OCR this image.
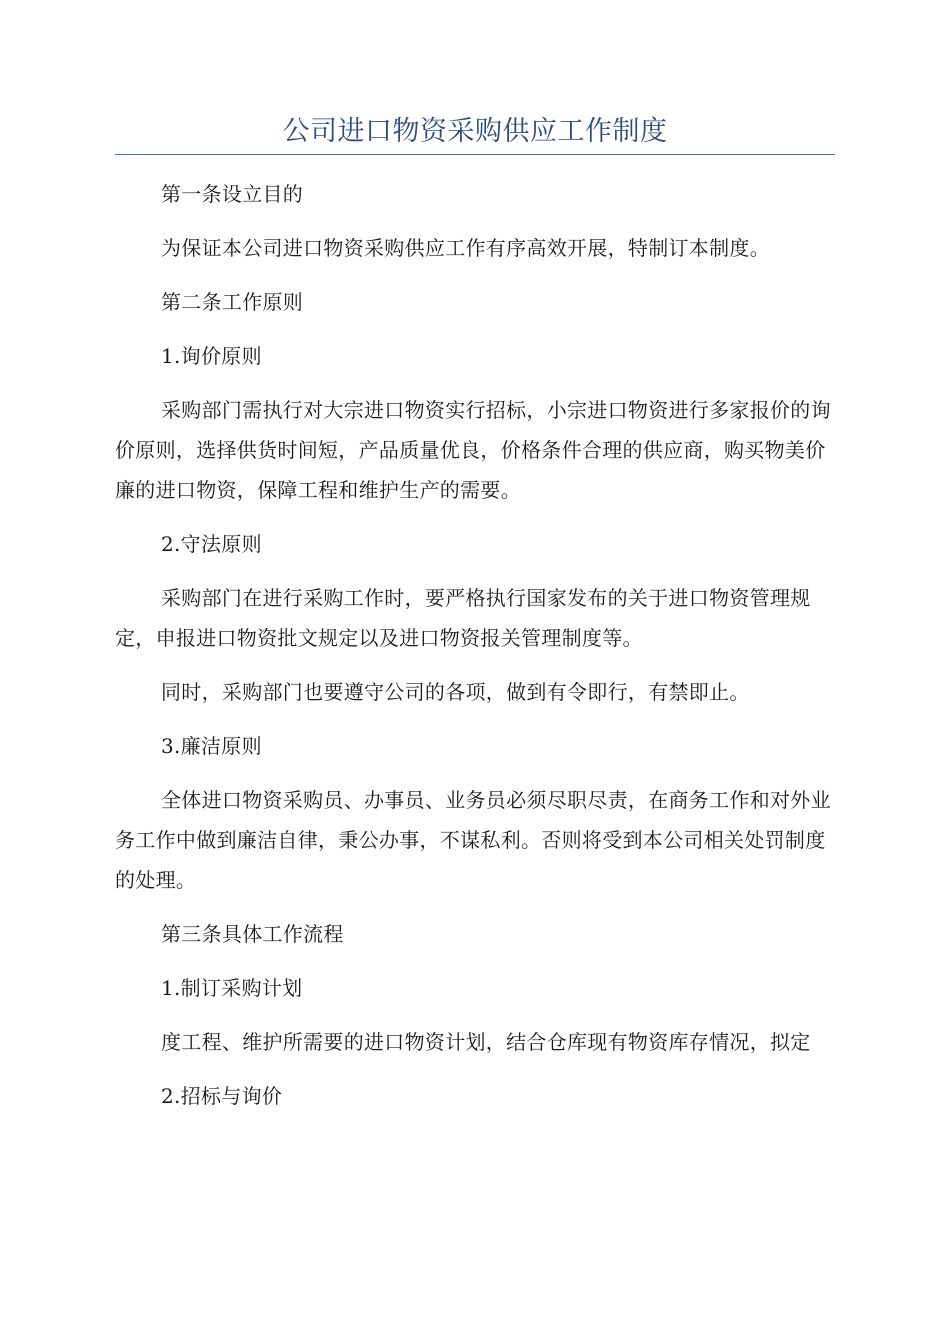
公司进口物资采购供应工作制度

第一条设立目的

为保证本公司进口物资采购供应工作有序高效开展，特制订本制度。

第二条工作原则

1.询价原则

采购部门需执行对大宗进口物资实行招标，小宗进口物资进行多家报价的询价原则，选择供货时间短，产品质量优良，价格条件合理的供应商，购买物美价廉的进口物资，保障工程和维护生产的需要。

2.守法原则

采购部门在进行采购工作时，要严格执行国家发布的关于进口物资管理规定，申报进口物资批文规定以及进口物资报关管理制度等。

同时，采购部门也要遵守公司的各项，做到有令即行，有禁即止。

3.廉洁原则

全体进口物资采购员、办事员、业务员必须尽职尽责，在商务工作和对外业务工作中做到廉洁自律，秉公办事，不谋私利。否则将受到本公司相关处罚制度的处理。

第三条具体工作流程

1.制订采购计划

度工程、维护所需要的进口物资计划，结合仓库现有物资库存情况，拟定

2.招标与询价
